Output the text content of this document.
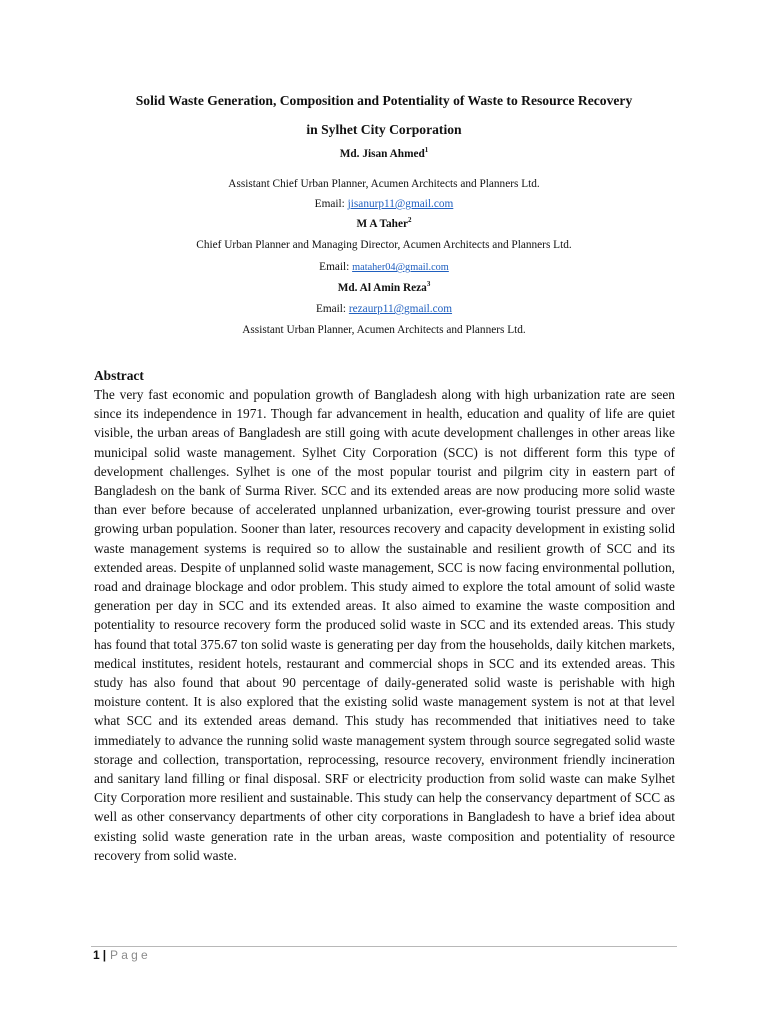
Solid Waste Generation, Composition and Potentiality of Waste to Resource Recovery

in Sylhet City Corporation

Md. Jisan Ahmed$^1$
Assistant Chief Urban Planner, Acumen Architects and Planners Ltd.
Email: jisanurp11@gmail.com
M A Taher$^2$
Chief Urban Planner and Managing Director, Acumen Architects and Planners Ltd.
Email: mataher04@gmail.com
Md. Al Amin Reza$^3$
Email: rezaurp11@gmail.com
Assistant Urban Planner, Acumen Architects and Planners Ltd.

Abstract

The very fast economic and population growth of Bangladesh along with high urbanization rate are seen since its independence in 1971. Though far advancement in health, education and quality of life are quiet visible, the urban areas of Bangladesh are still going with acute development challenges in other areas like municipal solid waste management. Sylhet City Corporation (SCC) is not different form this type of development challenges. Sylhet is one of the most popular tourist and pilgrim city in eastern part of Bangladesh on the bank of Surma River. SCC and its extended areas are now producing more solid waste than ever before because of accelerated unplanned urbanization, ever-growing tourist pressure and over growing urban population. Sooner than later, resources recovery and capacity development in existing solid waste management systems is required so to allow the sustainable and resilient growth of SCC and its extended areas. Despite of unplanned solid waste management, SCC is now facing environmental pollution, road and drainage blockage and odor problem. This study aimed to explore the total amount of solid waste generation per day in SCC and its extended areas. It also aimed to examine the waste composition and potentiality to resource recovery form the produced solid waste in SCC and its extended areas. This study has found that total 375.67 ton solid waste is generating per day from the households, daily kitchen markets, medical institutes, resident hotels, restaurant and commercial shops in SCC and its extended areas. This study has also found that about 90 percentage of daily-generated solid waste is perishable with high moisture content. It is also explored that the existing solid waste management system is not at that level what SCC and its extended areas demand. This study has recommended that initiatives need to take immediately to advance the running solid waste management system through source segregated solid waste storage and collection, transportation, reprocessing, resource recovery, environment friendly incineration and sanitary land filling or final disposal. SRF or electricity production from solid waste can make Sylhet City Corporation more resilient and sustainable. This study can help the conservancy department of SCC as well as other conservancy departments of other city corporations in Bangladesh to have a brief idea about existing solid waste generation rate in the urban areas, waste composition and potentiality of resource recovery from solid waste.

1 | Page
